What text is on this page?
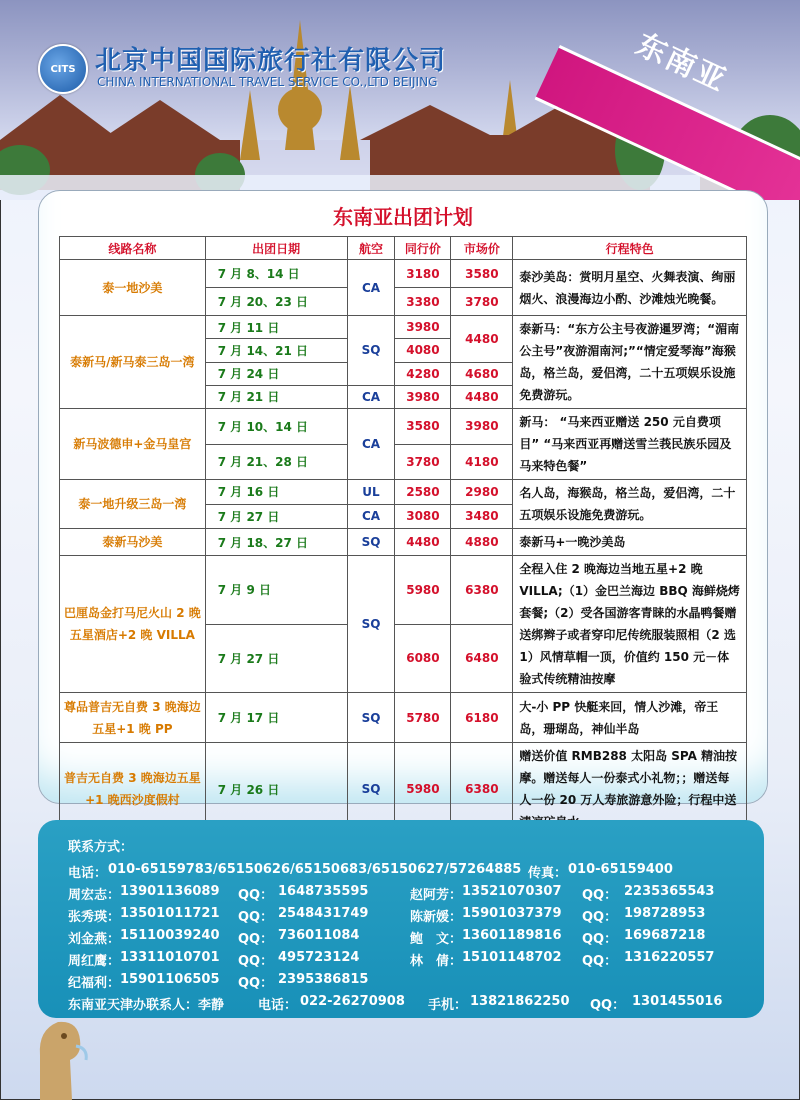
CITS 北京中国国际旅行社有限公司
CHINA INTERNATIONAL TRAVEL SERVICE CO.,LTD BEIJING	东南亚
东南亚出团计划
线路名称	出团日期	航空	同行价	市场价	行程特色
泰一地沙美	7 月 8、14 日	CA	3180	3580	泰沙美岛：赏明月星空、火舞表演、绚丽烟火、浪漫海边小酌、沙滩烛光晚餐。
	7 月 20、23 日		3380	3780	
泰新马/新马泰三岛一湾	7 月 11 日	SQ	3980	4480	泰新马：“东方公主号夜游暹罗湾；“湄南公主号”夜游湄南河;”“情定爱琴海”海猴岛，格兰岛，爱侣湾，二十五项娱乐设施免费游玩。
	7 月 14、21 日		4080		
	7 月 24 日		4280	4680	
	7 月 21 日	CA	3980	4480	
新马波德申+金马皇宫	7 月 10、14 日	CA	3580	3980	新马： “马来西亚赠送 250 元自费项目” “马来西亚再赠送雪兰莪民族乐园及马来特色餐”
	7 月 21、28 日		3780	4180	
泰一地升级三岛一湾	7 月 16 日	UL	2580	2980	名人岛，海猴岛，格兰岛，爱侣湾，二十五项娱乐设施免费游玩。
	7 月 27 日	CA	3080	3480	
泰新马沙美	7 月 18、27 日	SQ	4480	4880	泰新马+一晚沙美岛
巴厘岛金打马尼火山 2 晚五星酒店+2 晚 VILLA	7 月 9 日	SQ	5980	6380	全程入住 2 晚海边当地五星+2 晚 VILLA;（1）金巴兰海边 BBQ 海鲜烧烤套餐;（2）受各国游客青睐的水晶鸭餐赠送绑辫子或者穿印尼传统服装照相（2 选 1）风情草帽一顶，价值约 150 元－体验式传统精油按摩
	7 月 27 日		6080	6480	
尊品普吉无自费 3 晚海边五星+1 晚 PP	7 月 17 日	SQ	5780	6180	大-小 PP 快艇来回，情人沙滩，帝王岛，珊瑚岛，神仙半岛
普吉无自费 3 晚海边五星+1 晚西沙度假村	7 月 26 日	SQ	5980	6380	赠送价值 RMB288 太阳岛 SPA 精油按摩。赠送每人一份泰式小礼物；；赠送每人一份 20 万人寿旅游意外险；行程中送
联系方式：
电话： 010-65159783/65150626/65150683/65150627/57264885 传真： 010-65159400
周宏志： 13901136089 QQ： 1648735595	赵阿芳： 13521070307 QQ： 2235365543
张秀瑛： 13501011721 QQ： 2548431749	陈新媛： 15901037379 QQ： 198728953
刘金燕： 15110039240 QQ： 736011084	鲍　文： 13601189816 QQ： 169687218
周红鹰： 13311010701 QQ： 495723124	林　倩： 15101148702 QQ： 1316220557
纪福利： 15901106505 QQ： 2395386815
东南亚天津办联系人：李静	电话： 022-26270908 手机： 13821862250 QQ： 1301455016
